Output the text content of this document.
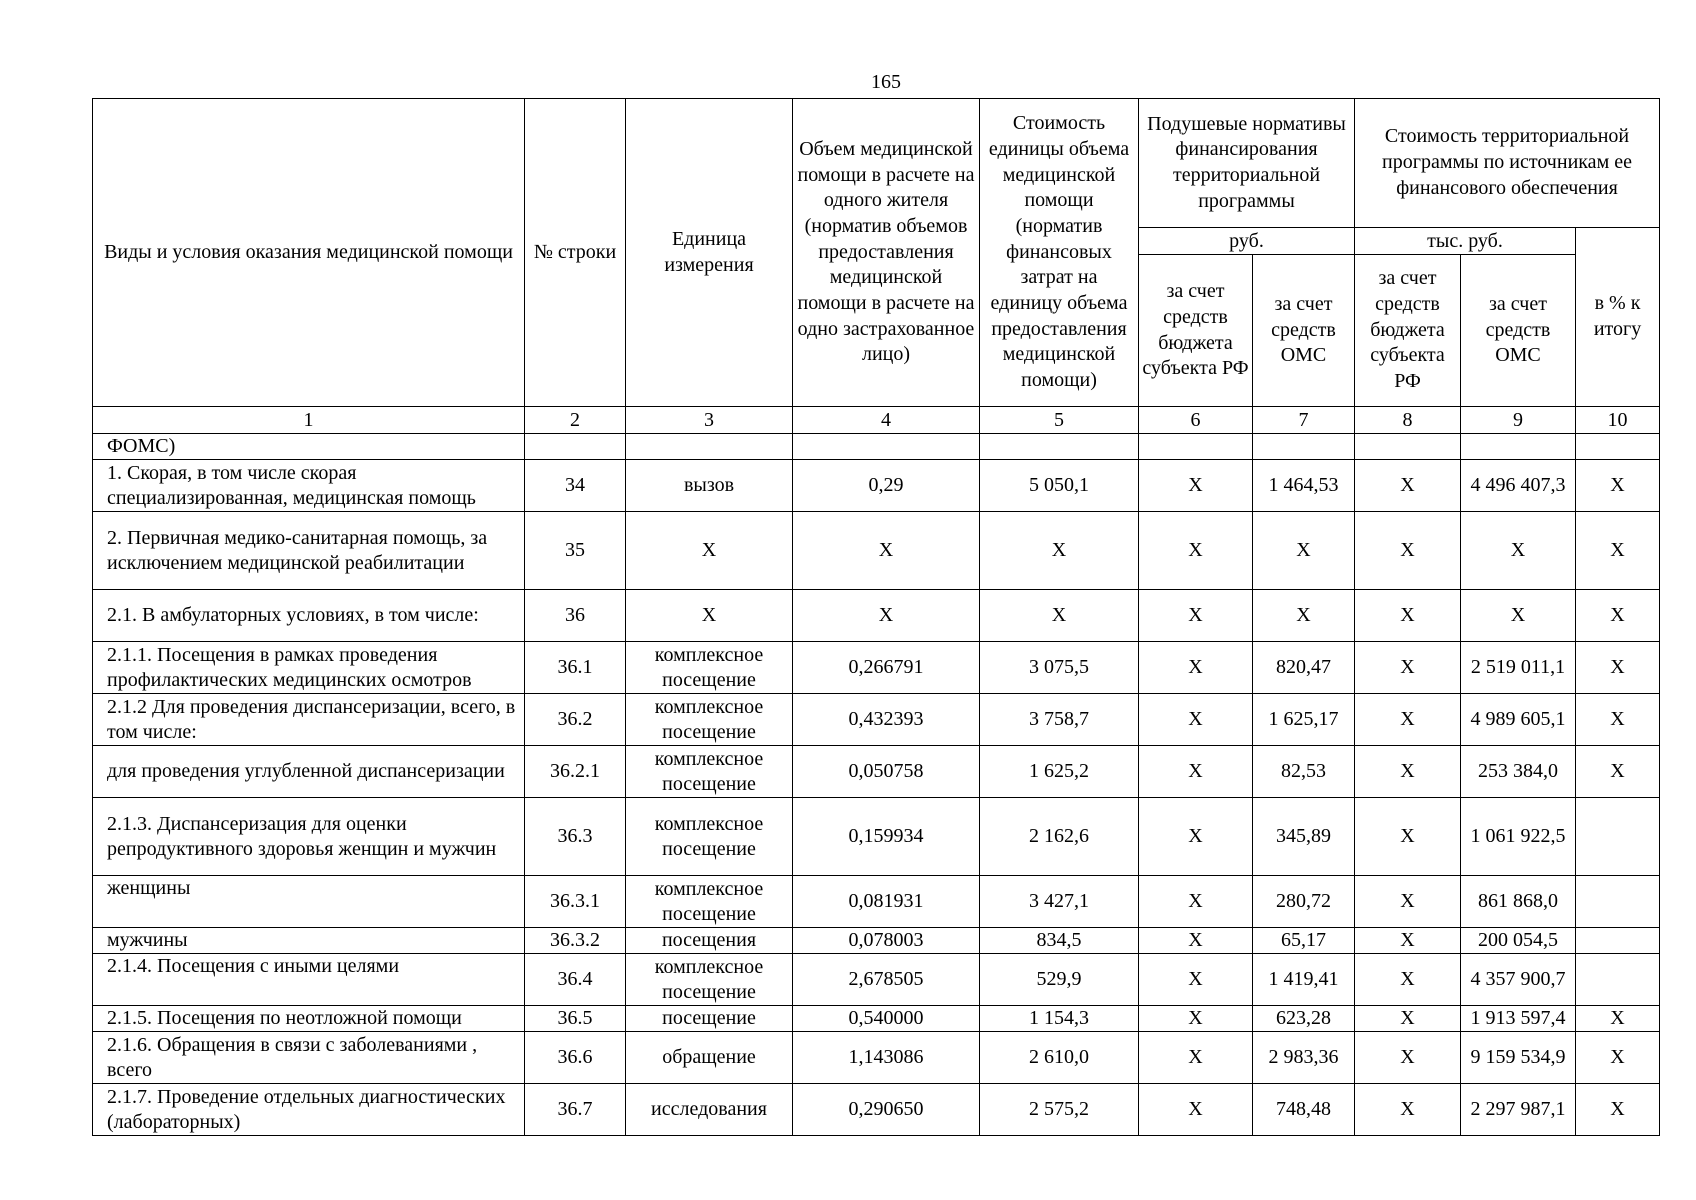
165
Виды и условия оказания медицинской помощи	№ строки	Единица измерения	Объем медицинской помощи в расчете на одного жителя (норматив объемов предоставления медицинской помощи в расчете на одно застрахованное лицо)	Стоимость единицы объема медицинской помощи (норматив финансовых затрат на единицу объема предоставления медицинской помощи)	Подушевые нормативы финансирования территориальной программы		Стоимость территориальной программы по источникам ее финансового обеспечения		
					руб.		тыс. руб.		в % к итогу
					за счет средств бюджета субъекта РФ	за счет средств ОМС	за счет средств бюджета субъекта РФ	за счет средств ОМС	
1	2	3	4	5	6	7	8	9	10
ФОМС)									
1. Скорая, в том числе скорая специализированная, медицинская помощь	34	вызов	0,29	5 050,1	X	1 464,53	X	4 496 407,3	X
2. Первичная медико-санитарная помощь, за исключением медицинской реабилитации	35	X	X	X	X	X	X	X	X
2.1. В амбулаторных условиях, в том числе:	36	X	X	X	X	X	X	X	X
2.1.1. Посещения в рамках проведения профилактических медицинских осмотров	36.1	комплексное посещение	0,266791	3 075,5	X	820,47	X	2 519 011,1	X
2.1.2 Для проведения диспансеризации, всего, в том числе:	36.2	комплексное посещение	0,432393	3 758,7	X	1 625,17	X	4 989 605,1	X
для проведения углубленной диспансеризации	36.2.1	комплексное посещение	0,050758	1 625,2	X	82,53	X	253 384,0	X
2.1.3. Диспансеризация для оценки репродуктивного здоровья женщин и мужчин	36.3	комплексное посещение	0,159934	2 162,6	X	345,89	X	1 061 922,5	
женщины	36.3.1	комплексное посещение	0,081931	3 427,1	X	280,72	X	861 868,0	
мужчины	36.3.2	посещения	0,078003	834,5	X	65,17	X	200 054,5	
2.1.4. Посещения с иными целями	36.4	комплексное посещение	2,678505	529,9	X	1 419,41	X	4 357 900,7	
2.1.5. Посещения по неотложной помощи	36.5	посещение	0,540000	1 154,3	X	623,28	X	1 913 597,4	X
2.1.6. Обращения в связи с заболеваниями , всего	36.6	обращение	1,143086	2 610,0	X	2 983,36	X	9 159 534,9	X
2.1.7. Проведение отдельных диагностических (лабораторных)	36.7	исследования	0,290650	2 575,2	X	748,48	X	2 297 987,1	X
